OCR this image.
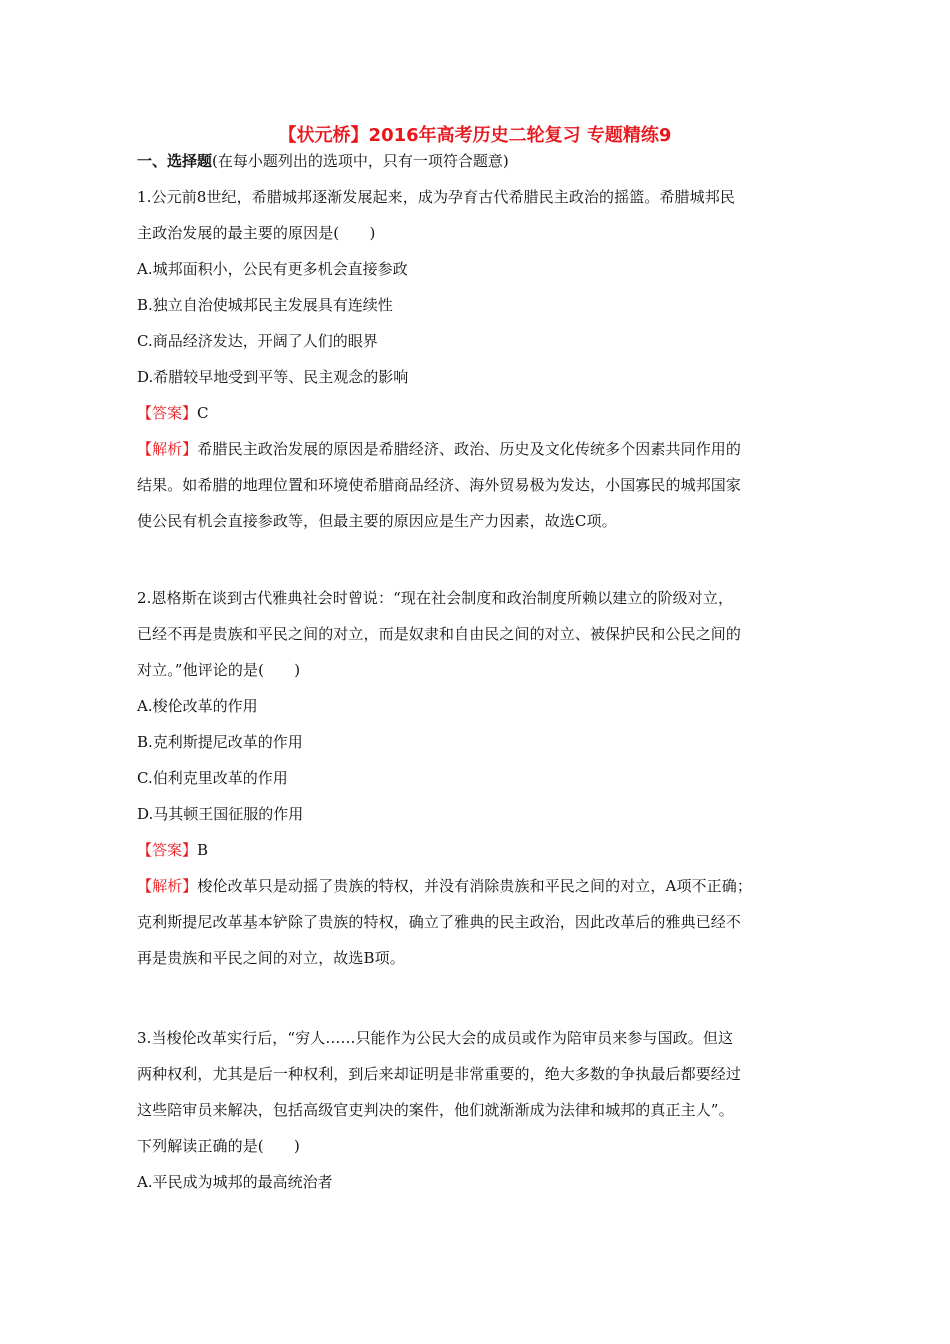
【状元桥】2016年高考历史二轮复习 专题精练9
一、选择题(在每小题列出的选项中，只有一项符合题意)
1.公元前8世纪，希腊城邦逐渐发展起来，成为孕育古代希腊民主政治的摇篮。希腊城邦民
主政治发展的最主要的原因是(　　)
A.城邦面积小，公民有更多机会直接参政
B.独立自治使城邦民主发展具有连续性
C.商品经济发达，开阔了人们的眼界
D.希腊较早地受到平等、民主观念的影响
【答案】C
【解析】希腊民主政治发展的原因是希腊经济、政治、历史及文化传统多个因素共同作用的
结果。如希腊的地理位置和环境使希腊商品经济、海外贸易极为发达，小国寡民的城邦国家
使公民有机会直接参政等，但最主要的原因应是生产力因素，故选C项。
2.恩格斯在谈到古代雅典社会时曾说：“现在社会制度和政治制度所赖以建立的阶级对立，
已经不再是贵族和平民之间的对立，而是奴隶和自由民之间的对立、被保护民和公民之间的
对立。”他评论的是(　　)
A.梭伦改革的作用
B.克利斯提尼改革的作用
C.伯利克里改革的作用
D.马其顿王国征服的作用
【答案】B
【解析】梭伦改革只是动摇了贵族的特权，并没有消除贵族和平民之间的对立，A项不正确；
克利斯提尼改革基本铲除了贵族的特权，确立了雅典的民主政治，因此改革后的雅典已经不
再是贵族和平民之间的对立，故选B项。
3.当梭伦改革实行后，“穷人……只能作为公民大会的成员或作为陪审员来参与国政。但这
两种权利，尤其是后一种权利，到后来却证明是非常重要的，绝大多数的争执最后都要经过
这些陪审员来解决，包括高级官吏判决的案件，他们就渐渐成为法律和城邦的真正主人”。
下列解读正确的是(　　)
A.平民成为城邦的最高统治者
